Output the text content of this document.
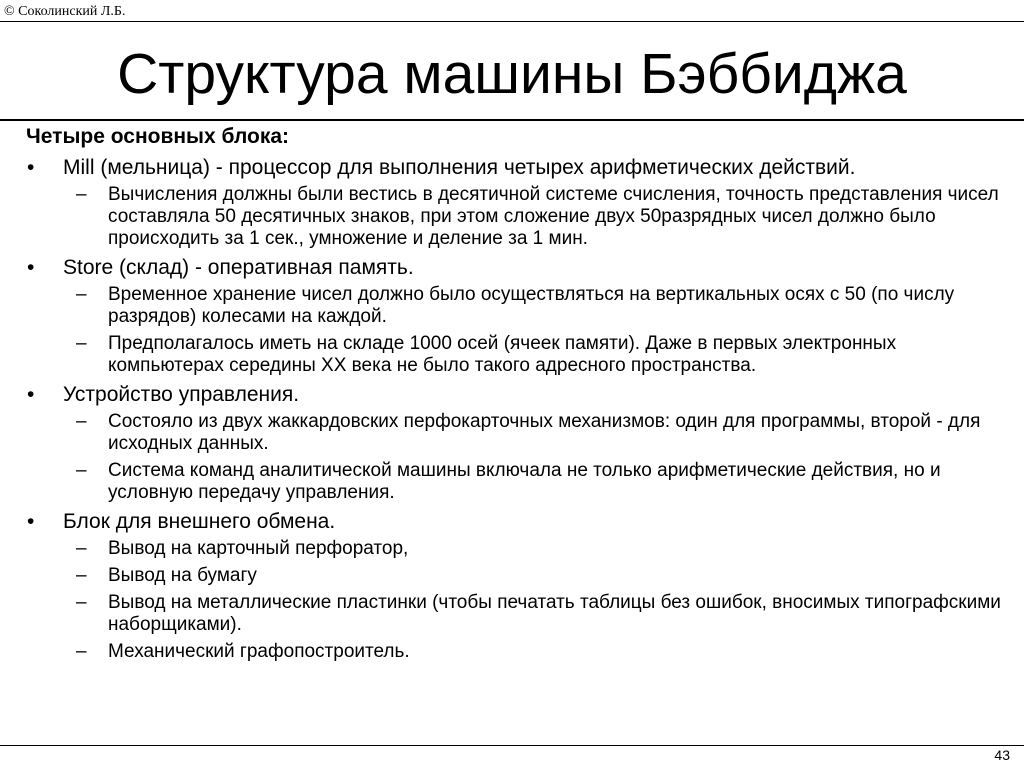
© Соколинский Л.Б.
Структура машины Бэббиджа
Четыре основных блока:
•	Mill (мельница) - процессор для выполнения четырех арифметических действий.
–	Вычисления должны были вестись в десятичной системе счисления, точность представления чисел составляла 50 десятичных знаков, при этом сложение двух 50разрядных чисел должно было происходить за 1 сек., умножение и деление за 1 мин.
•	Store (склад) - оперативная память.
–	Временное хранение чисел должно было осуществляться на вертикальных осях с 50 (по числу разрядов) колесами на каждой.
–	Предполагалось иметь на складе 1000 осей (ячеек памяти). Даже в первых электронных компьютерах середины XX века не было такого адресного пространства.
•	Устройство управления.
–	Состояло из двух жаккардовских перфокарточных механизмов: один для программы, второй - для исходных данных.
–	Система команд аналитической машины включала не только арифметические действия, но и условную передачу управления.
•	Блок для внешнего обмена.
–	Вывод на карточный перфоратор,
–	Вывод на бумагу
–	Вывод на металлические пластинки (чтобы печатать таблицы без ошибок, вносимых типографскими наборщиками).
–	Механический графопостроитель.
43
